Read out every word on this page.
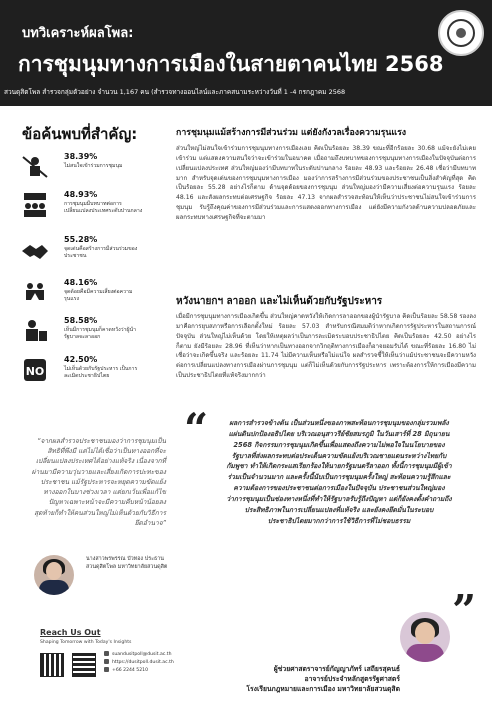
บทวิเคราะห์ผลโพล:
การชุมนุมทางการเมืองในสายตาคนไทย 2568
สวนดุสิตโพล สำรวจกลุ่มตัวอย่าง จำนวน 1,167 คน (สำรวจทางออนไลน์และภาคสนามระหว่างวันที่ 1 -4 กรกฎาคม 2568
ข้อค้นพบที่สำคัญ:
38.39%
ไม่สนใจเข้าร่วมการชุมนุม
48.93%
การชุมนุมมีบทบาทต่อการเปลี่ยนแปลงประเทศระดับปานกลาง
55.28%
จุดเด่นคือสร้างการมีส่วนร่วมของประชาชน
48.16%
จุดด้อยคือมีความเสี่ยงต่อความรุนแรง
58.58%
เห็นมีการชุมนุมก็คาดหวังว่าผู้นำรัฐบาลจะลาออก
NO
42.50%
ไม่เห็นด้วยกับรัฐประหาร เป็นการละเมิดประชาธิปไตย
การชุมนุมแม้สร้างการมีส่วนร่วม แต่ยังกังวลเรื่องความรุนแรง
ส่วนใหญ่ไม่สนใจเข้าร่วมการชุมนุมทางการเมืองเลย คิดเป็นร้อยละ 38.39 ขณะที่อีกร้อยละ 30.68 แม้จะยังไม่เคยเข้าร่วม แต่แสดงความสนใจว่าจะเข้าร่วมในอนาคต เมื่อถามถึงบทบาทของการชุมนุมทางการเมืองในปัจจุบันต่อการเปลี่ยนแปลงประเทศ ส่วนใหญ่มองว่ามีบทบาทในระดับปานกลาง ร้อยละ 48.93 และร้อยละ 26.48 เชื่อว่ามีบทบาทมาก สำหรับจุดเด่นของการชุมนุมทางการเมือง มองว่าการสร้างการมีส่วนร่วมของประชาชนเป็นสิ่งสำคัญที่สุด คิดเป็นร้อยละ 55.28 อย่างไรก็ตาม ด้านจุดด้อยของการชุมนุม ส่วนใหญ่มองว่ามีความเสี่ยงต่อความรุนแรง ร้อยละ 48.16 และสังผลกระทบต่อเศรษฐกิจ ร้อยละ 47.13 จากผลสำรวจสะท้อนให้เห็นว่าประชาชนไม่สนใจเข้าร่วมการชุมนุม รับรู้ถึงคุณค่าของการมีส่วนร่วมและการแสดงออกทางการเมือง แต่ยังมีความกังวลด้านความปลอดภัยและผลกระทบทางเศรษฐกิจที่จะตามมา
หวังนายกฯ ลาออก และไม่เห็นด้วยกับรัฐประหาร
เมื่อมีการชุมนุมทางการเมืองเกิดขึ้น ส่วนใหญ่คาดหวังให้เกิดการลาออกของผู้นำรัฐบาล คิดเป็นร้อยละ 58.58 รองลงมาคือการยุบสภาหรือการเลือกตั้งใหม่ ร้อยละ 57.03 สำหรับกรณีสมมติว่าหากเกิดการรัฐประหารในสถานการณ์ปัจจุบัน ส่วนใหญ่ไม่เห็นด้วย โดยให้เหตุผลว่าเป็นการละเมิดระบอบประชาธิปไตย คิดเป็นร้อยละ 42.50 อย่างไรก็ตาม ยังมีร้อยละ 28.96 ที่เห็นว่าหากเป็นทางออกจากวิกฤติทางการเมืองก็อาจยอมรับได้ ขณะที่ร้อยละ 16.80 ไม่เชื่อว่าจะเกิดขึ้นจริง และร้อยละ 11.74 ไม่มีความเห็นหรือไม่แน่ใจ ผลสำรวจชี้ให้เห็นว่าแม้ประชาชนจะมีความหวังต่อการเปลี่ยนแปลงทางการเมืองผ่านการชุมนุม แต่ก็ไม่เห็นด้วยกับการรัฐประหาร เพราะต้องการให้การเมืองมีความเป็นประชาธิปไตยที่แท้จริงมากกว่า
“จากผลสำรวจประชาชนมองว่าการชุมนุมเป็นสิทธิที่พึงมี แต่ไม่ได้เชื่อว่าเป็นทางออกที่จะเปลี่ยนแปลงประเทศได้อย่างแท้จริง เนื่องจากที่ผ่านมามีความวุ่นวายและเสี่ยงเกิดการปะทะของประชาชน แม้รัฐประหารจะหยุดความขัดแย้งทางออกในบางช่วงเวลา แต่ยกเว้นเพื่อแก้ไขปัญหาเฉพาะหน้าจะมีความคืบหน้าน้อยลง สุดท้ายก็ทำให้คนส่วนใหญ่ไม่เห็นด้วยกับวิธีการยึดอำนาจ”
นางสาวพรพรรณ บัวทอง ประธานสวนดุสิตโพล มหาวิทยาลัยสวนดุสิต
Reach Us Out
Shaping Tomorrow with Today's Insights
suandusitpoll@dusit.ac.th
https://dusitpoll.dusit.ac.th
+66 2244 5210
“	ผลการสำรวจข้างต้น เป็นส่วนหนึ่งของภาพสะท้อนการชุมนุมของกลุ่มรวมพลังแผ่นดินปกป้องอธิปไตย บริเวณอนุสาวรีย์ชัยสมรภูมิ ในวันเสาร์ที่ 28 มิถุนายน 2568 กิจกรรมการชุมนุมเกิดขึ้นเพื่อแสดงถึงความไม่พอใจในนโยบายของรัฐบาลที่ส่งผลกระทบต่อประเด็นความขัดแย้งบริเวณชายแดนระหว่างไทยกับกัมพูชา ทำให้เกิดกระแสเรียกร้องให้นายกรัฐมนตรีลาออก ทั้งนี้การชุมนุมมีผู้เข้าร่วมเป็นจำนวนมาก และครั้งนี้นับเป็นการชุมนุมครั้งใหญ่ สะท้อนความรู้สึกและความต้องการของประชาชนต่อการเมืองในปัจจุบัน ประชาชนส่วนใหญ่มองว่าการชุมนุมเป็นช่องทางหนึ่งที่ทำให้รัฐบาลรับรู้ถึงปัญหา แต่ก็ยังคงตั้งคำถามถึงประสิทธิภาพในการเปลี่ยนแปลงที่แท้จริง และยังคงยึดมั่นในระบอบประชาธิปไตยมากกว่าการใช้วิธีการที่ไม่ชอบธรรม
”
ผู้ช่วยศาสตราจารย์กัญญาภัทร์ เสถียรสุคนธ์
อาจารย์ประจำหลักสูตรรัฐศาสตร์
โรงเรียนกฎหมายและการเมือง มหาวิทยาลัยสวนดุสิต
